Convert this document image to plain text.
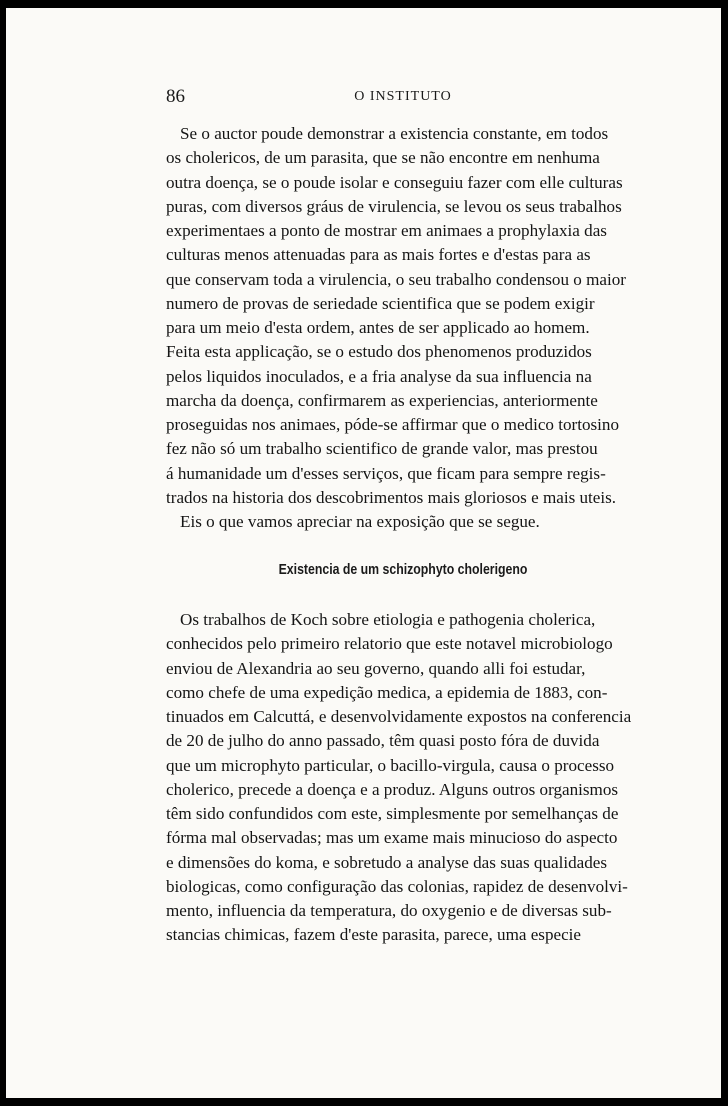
86	O INSTITUTO
Se o auctor poude demonstrar a existencia constante, em todos
os cholericos, de um parasita, que se não encontre em nenhuma
outra doença, se o poude isolar e conseguiu fazer com elle culturas
puras, com diversos gráus de virulencia, se levou os seus trabalhos
experimentaes a ponto de mostrar em animaes a prophylaxia das
culturas menos attenuadas para as mais fortes e d'estas para as
que conservam toda a virulencia, o seu trabalho condensou o maior
numero de provas de seriedade scientifica que se podem exigir
para um meio d'esta ordem, antes de ser applicado ao homem.
Feita esta applicação, se o estudo dos phenomenos produzidos
pelos liquidos inoculados, e a fria analyse da sua influencia na
marcha da doença, confirmarem as experiencias, anteriormente
proseguidas nos animaes, póde-se affirmar que o medico tortosino
fez não só um trabalho scientifico de grande valor, mas prestou
á humanidade um d'esses serviços, que ficam para sempre regis-
trados na historia dos descobrimentos mais gloriosos e mais uteis.
Eis o que vamos apreciar na exposição que se segue.
Existencia de um schizophyto cholerigeno
Os trabalhos de Koch sobre etiologia e pathogenia cholerica,
conhecidos pelo primeiro relatorio que este notavel microbiologo
enviou de Alexandria ao seu governo, quando alli foi estudar,
como chefe de uma expedição medica, a epidemia de 1883, con-
tinuados em Calcuttá, e desenvolvidamente expostos na conferencia
de 20 de julho do anno passado, têm quasi posto fóra de duvida
que um microphyto particular, o bacillo-virgula, causa o processo
cholerico, precede a doença e a produz. Alguns outros organismos
têm sido confundidos com este, simplesmente por semelhanças de
fórma mal observadas; mas um exame mais minucioso do aspecto
e dimensões do koma, e sobretudo a analyse das suas qualidades
biologicas, como configuração das colonias, rapidez de desenvolvi-
mento, influencia da temperatura, do oxygenio e de diversas sub-
stancias chimicas, fazem d'este parasita, parece, uma especie
